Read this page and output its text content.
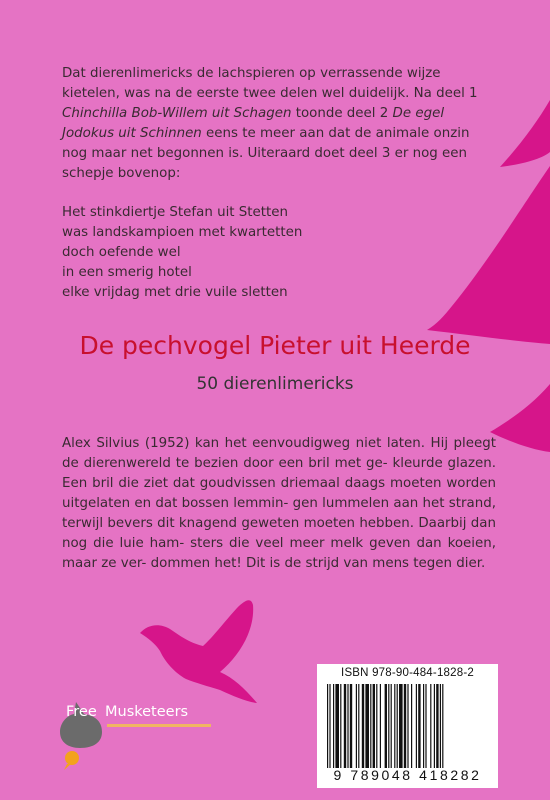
Dat dierenlimericks de lachspieren op verrassende wijze kietelen, was na de eerste twee delen wel duidelijk. Na deel 1 Chinchilla Bob-Willem uit Schagen toonde deel 2 De egel Jodokus uit Schinnen eens te meer aan dat de animale onzin nog maar net begonnen is. Uiteraard doet deel 3 er nog een schepje bovenop:
Het stinkdiertje Stefan uit Stetten
was landskampioen met kwartetten
doch oefende wel
in een smerig hotel
elke vrijdag met drie vuile sletten
De pechvogel Pieter uit Heerde
50 dierenlimericks
Alex Silvius (1952) kan het eenvoudigweg niet laten. Hij pleegt de dierenwereld te bezien door een bril met ge- kleurde glazen. Een bril die ziet dat goudvissen driemaal daags moeten worden uitgelaten en dat bossen lemmin- gen lummelen aan het strand, terwijl bevers dit knagend geweten moeten hebben. Daarbij dan nog die luie ham- sters die veel meer melk geven dan koeien, maar ze ver- dommen het! Dit is de strijd van mens tegen dier.
ISBN 978-90-484-1828-2
9 789048 418282
Free Musketeers
